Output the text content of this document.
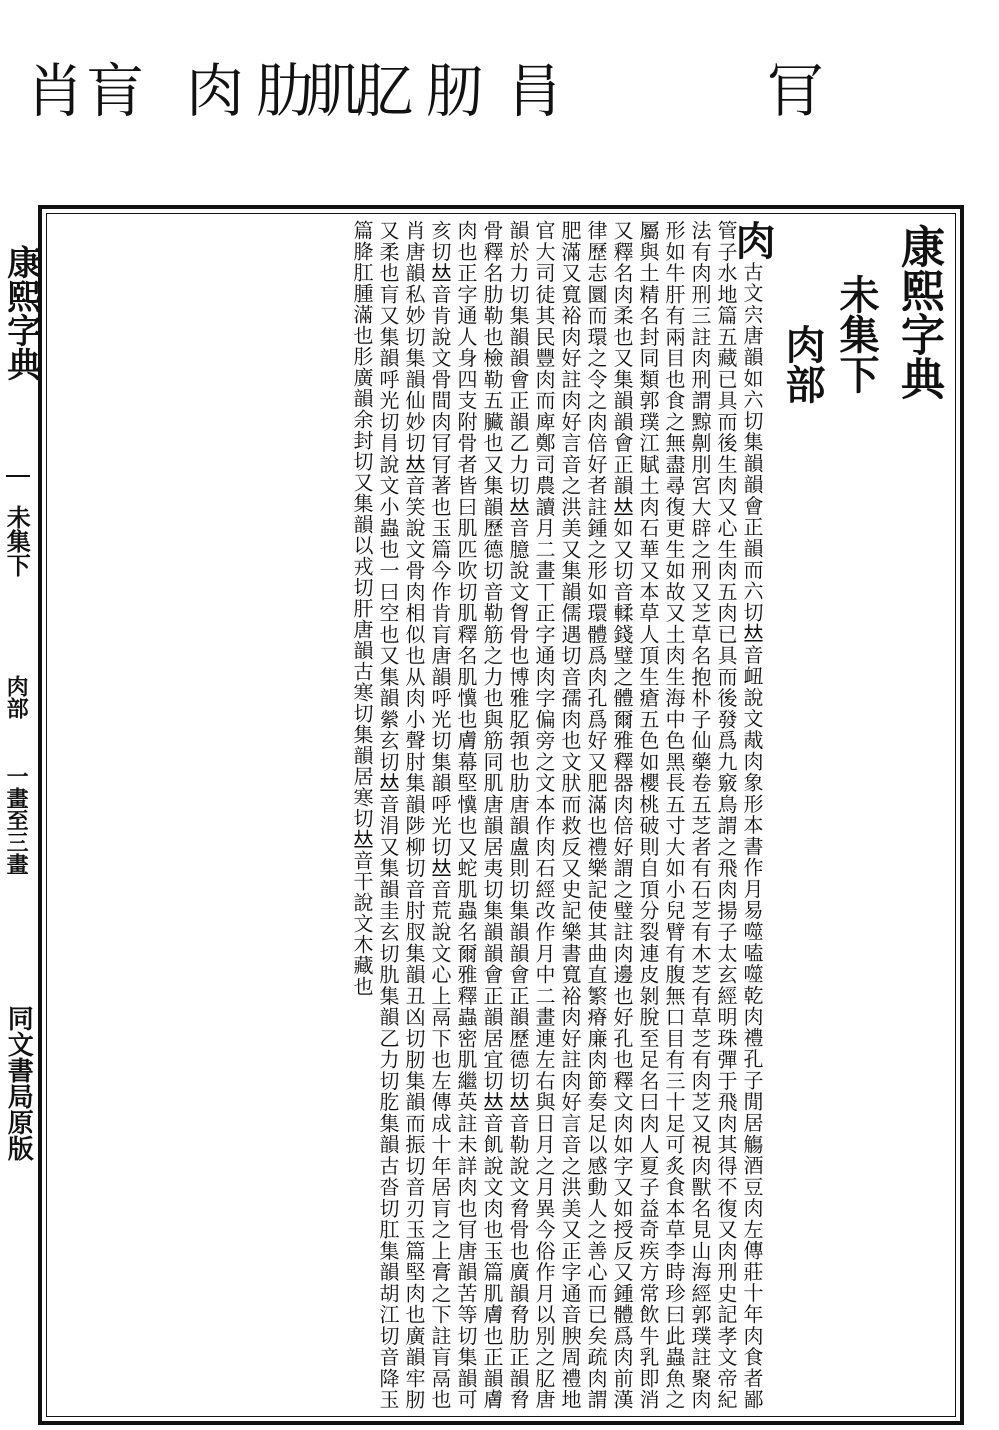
肎
肙
肕
肊
肌
肋
肉
肓
肖
康熙字典
未集下
肉部
一畫至三畫
同文書局原版
康熙字典
未集下
肉部
肉古文宍唐韻如六切集韻韻會正韻而六切𠀤音衄說文胾肉象形本書作月易噬嗑噬乾肉禮孔子閒居觴酒豆肉左傳莊十年肉食者鄙管子水地篇五藏已具而後生肉又心生肉五肉已具而後發爲九竅鳥謂之飛肉揚子太玄經明珠彈于飛肉其得不復又肉刑史記孝文帝紀法有肉刑三註肉刑謂黥劓刖宮大辟之刑又芝草名抱朴子仙藥卷五芝者有石芝有木芝有草芝有肉芝又視肉獸名見山海經郭璞註聚肉形如牛肝有兩目也食之無盡尋復更生如故又土肉生海中色黑長五寸大如小兒臂有腹無口目有三十足可炙食本草李時珍曰此蟲魚之屬與土精名封同類郭璞江賦土肉石華又本草人頂生瘡五色如櫻桃破則自頂分裂連皮剝脫至足名曰肉人夏子益奇疾方常飲牛乳即消又釋名肉柔也又集韻韻會正韻𠀤如又切音輮錢璧之體爾雅釋器肉倍好謂之璧註肉邊也好孔也釋文肉如字又如授反又鍾體爲肉前漢律歷志圜而環之令之肉倍好者註鍾之形如環體爲肉孔爲好又肥滿也禮樂記使其曲直繁瘠廉肉節奏足以感動人之善心而已矣疏肉謂肥滿又寬裕肉好註肉好言音之洪美又集韻儒遇切音孺肉也文肰而救反又史記樂書寬裕肉好註肉好言音之洪美又正字通音腴周禮地官大司徒其民豐肉而庳鄭司農讀月二畫丅正字通肉字偏旁之文本作肉石經改作月中二畫連左右與日月之月異今俗作月以別之肊唐韻於力切集韻韻會正韻乙力切𠀤音臆說文胷骨也博雅肊𩓐也肋唐韻盧則切集韻韻會正韻歷德切𠀤音勒說文脅骨也廣韻脅肋正韻脅骨釋名肋勒也檢勒五臟也又集韻歷德切音勒筋之力也與筋同肌唐韻居夷切集韻韻會正韻居宜切𠀤音飢說文肉也玉篇肌膚也正韻膚肉也正字通人身四支附骨者皆曰肌匹吹切肌釋名肌懻也膚幕堅懻也又蛇肌蟲名爾雅釋蟲密肌繼英註未詳肉也肎唐韻苦等切集韻可亥切𠀤音肯說文骨間肉肎肎著也玉篇今作肯肓唐韻呼光切集韻呼光切𠀤音荒說文心上鬲下也左傳成十年居肓之上膏之下註肓鬲也肖唐韻私妙切集韻仙妙切𠀤音笑說文骨肉相似也从肉小聲肘集韻陟柳切音肘肞集韻丑凶切肕集韻而振切音刃玉篇堅肉也廣韻牢肕又柔也肓又集韻呼光切肙說文小蟲也一曰空也又集韻縈玄切𠀤音涓又集韻圭玄切肍集韻乙力切肐集韻古沓切肛集韻胡江切音降玉篇胮肛腫滿也肜廣韻余封切又集韻以戎切肝唐韻古寒切集韻居寒切𠀤音干說文木藏也
